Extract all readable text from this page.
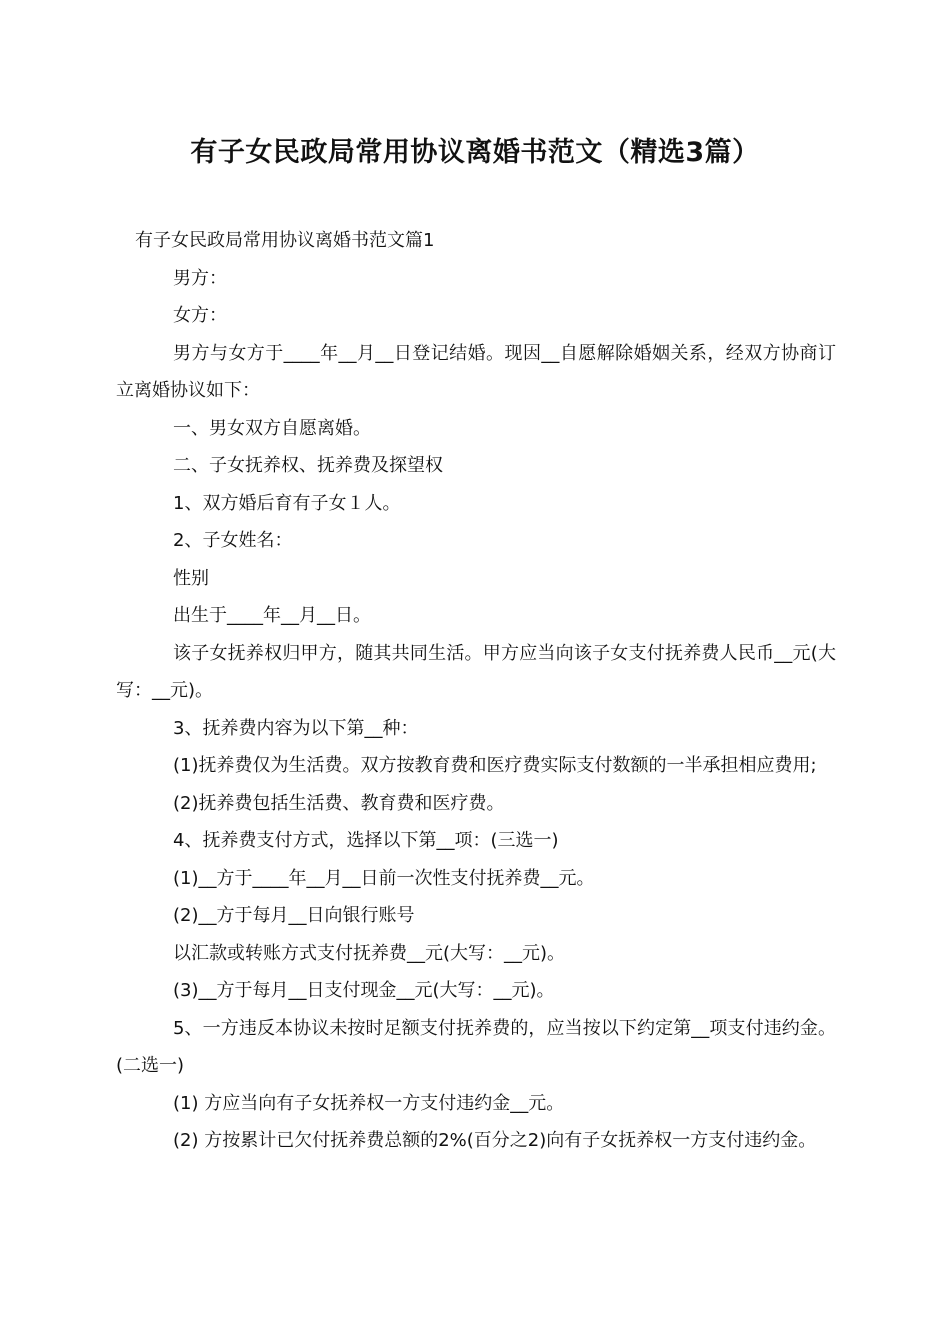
有子女民政局常用协议离婚书范文（精选3篇）

有子女民政局常用协议离婚书范文篇1

男方：

女方：

男方与女方于____年__月__日登记结婚。现因__自愿解除婚姻关系，经双方协商订立离婚协议如下：

一、男女双方自愿离婚。

二、子女抚养权、抚养费及探望权

1、双方婚后育有子女１人。

2、子女姓名：

性别

出生于____年__月__日。

该子女抚养权归甲方，随其共同生活。甲方应当向该子女支付抚养费人民币__元(大写：__元)。

3、抚养费内容为以下第__种：

(1)抚养费仅为生活费。双方按教育费和医疗费实际支付数额的一半承担相应费用;

(2)抚养费包括生活费、教育费和医疗费。

4、抚养费支付方式，选择以下第__项：(三选一)

(1)__方于____年__月__日前一次性支付抚养费__元。

(2)__方于每月__日向银行账号

以汇款或转账方式支付抚养费__元(大写：__元)。

(3)__方于每月__日支付现金__元(大写：__元)。

5、一方违反本协议未按时足额支付抚养费的，应当按以下约定第__项支付违约金。(二选一)

(1) 方应当向有子女抚养权一方支付违约金__元。

(2) 方按累计已欠付抚养费总额的2%(百分之2)向有子女抚养权一方支付违约金。
